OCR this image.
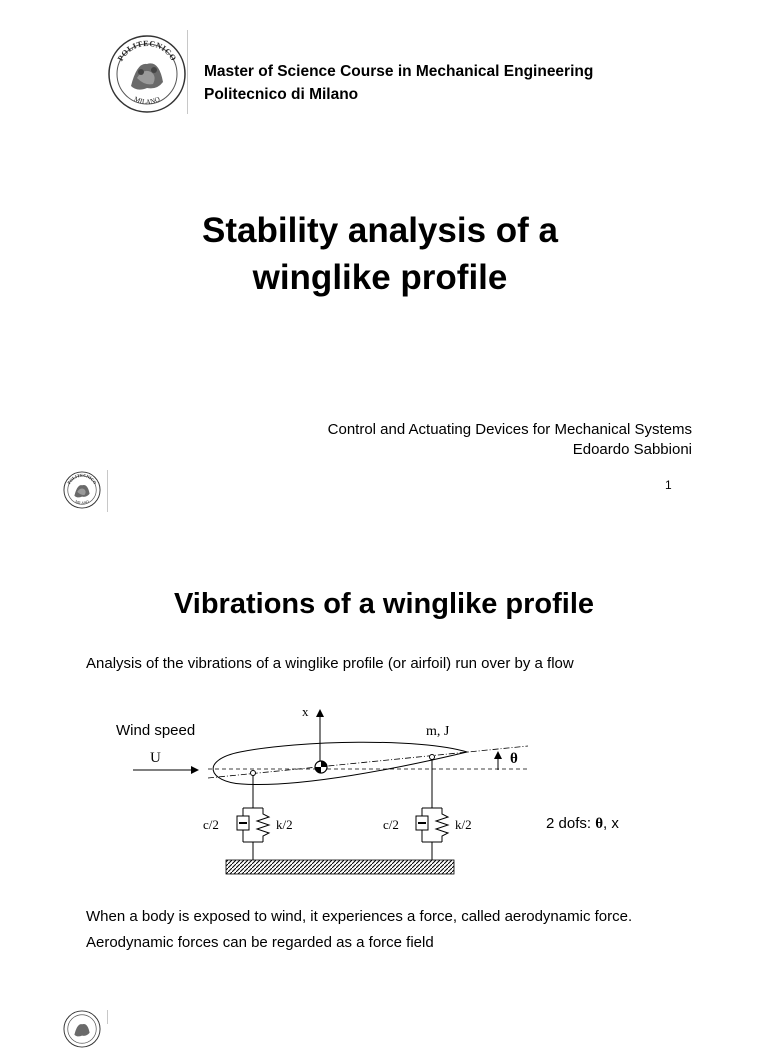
POLITECNICO
MILANO
Master of Science Course in Mechanical Engineering
Politecnico di Milano
Stability analysis of a
winglike profile
Control and Actuating Devices for Mechanical Systems
Edoardo Sabbioni
POLITECNICO
MILANO
1
Vibrations of a winglike profile
Analysis of the vibrations of a winglike profile (or airfoil) run over by a flow
Wind speed
U
x
m, J
θ
c/2	k/2	c/2	k/2	2 dofs: θ, x
When a body is exposed to wind, it experiences a force, called aerodynamic force.
Aerodynamic forces can be regarded as a force field
